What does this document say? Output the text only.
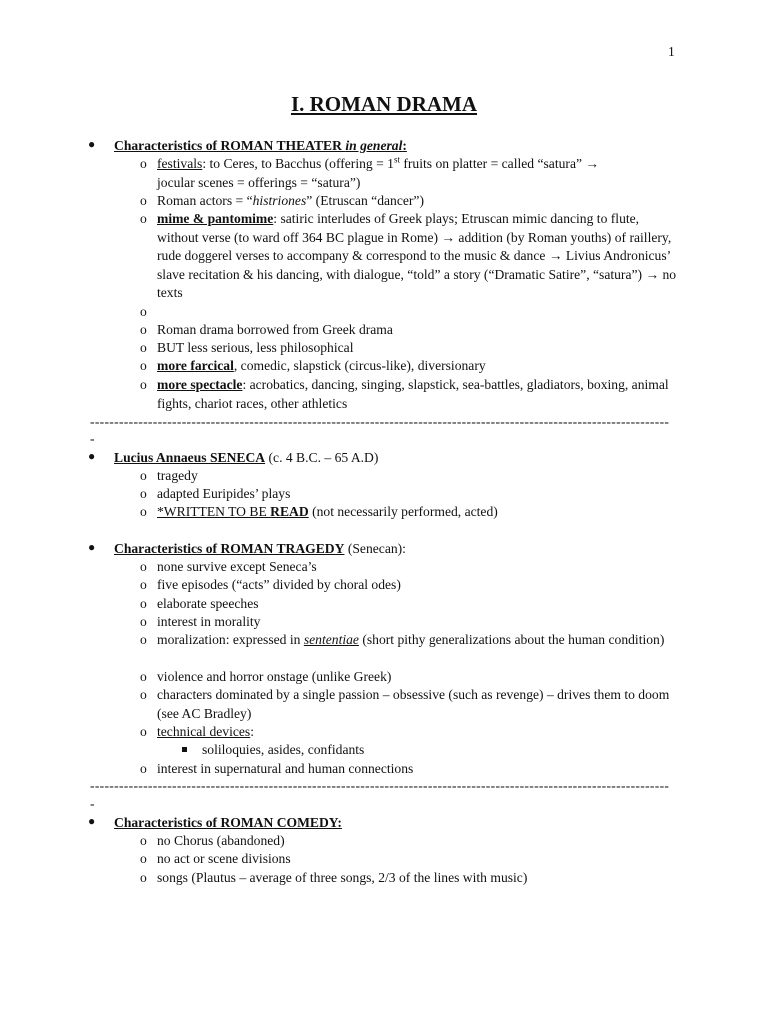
1
I. ROMAN DRAMA
● Characteristics of ROMAN THEATER in general:
o festivals: to Ceres, to Bacchus (offering = 1st fruits on platter = called “satura” →
jocular scenes = offerings = “satura”)
o Roman actors = “histriones” (Etruscan “dancer”)
o mime & pantomime: satiric interludes of Greek plays; Etruscan mimic dancing to flute, without verse (to ward off 364 BC plague in Rome) → addition (by Roman youths) of raillery, rude doggerel verses to accompany & correspond to the music & dance → Livius Andronicus’ slave recitation & his dancing, with dialogue, “told” a story (“Dramatic Satire”, “satura”) → no texts
o
o Roman drama borrowed from Greek drama
o BUT less serious, less philosophical
o more farcical, comedic, slapstick (circus-like), diversionary
o more spectacle: acrobatics, dancing, singing, slapstick, sea-battles, gladiators, boxing, animal fights, chariot races, other athletics
------------------------------------------------------------------------------------------------------------------------
-
● Lucius Annaeus SENECA (c. 4 B.C. – 65 A.D)
o tragedy
o adapted Euripides’ plays
o *WRITTEN TO BE READ (not necessarily performed, acted)
● Characteristics of ROMAN TRAGEDY (Senecan):
o none survive except Seneca’s
o five episodes (“acts” divided by choral odes)
o elaborate speeches
o interest in morality
o moralization: expressed in sententiae (short pithy generalizations about the human condition)
o violence and horror onstage (unlike Greek)
o characters dominated by a single passion – obsessive (such as revenge) – drives them to doom (see AC Bradley)
o technical devices:
soliloquies, asides, confidants
o interest in supernatural and human connections
------------------------------------------------------------------------------------------------------------------------
-
● Characteristics of ROMAN COMEDY:
o no Chorus (abandoned)
o no act or scene divisions
o songs (Plautus – average of three songs, 2/3 of the lines with music)
